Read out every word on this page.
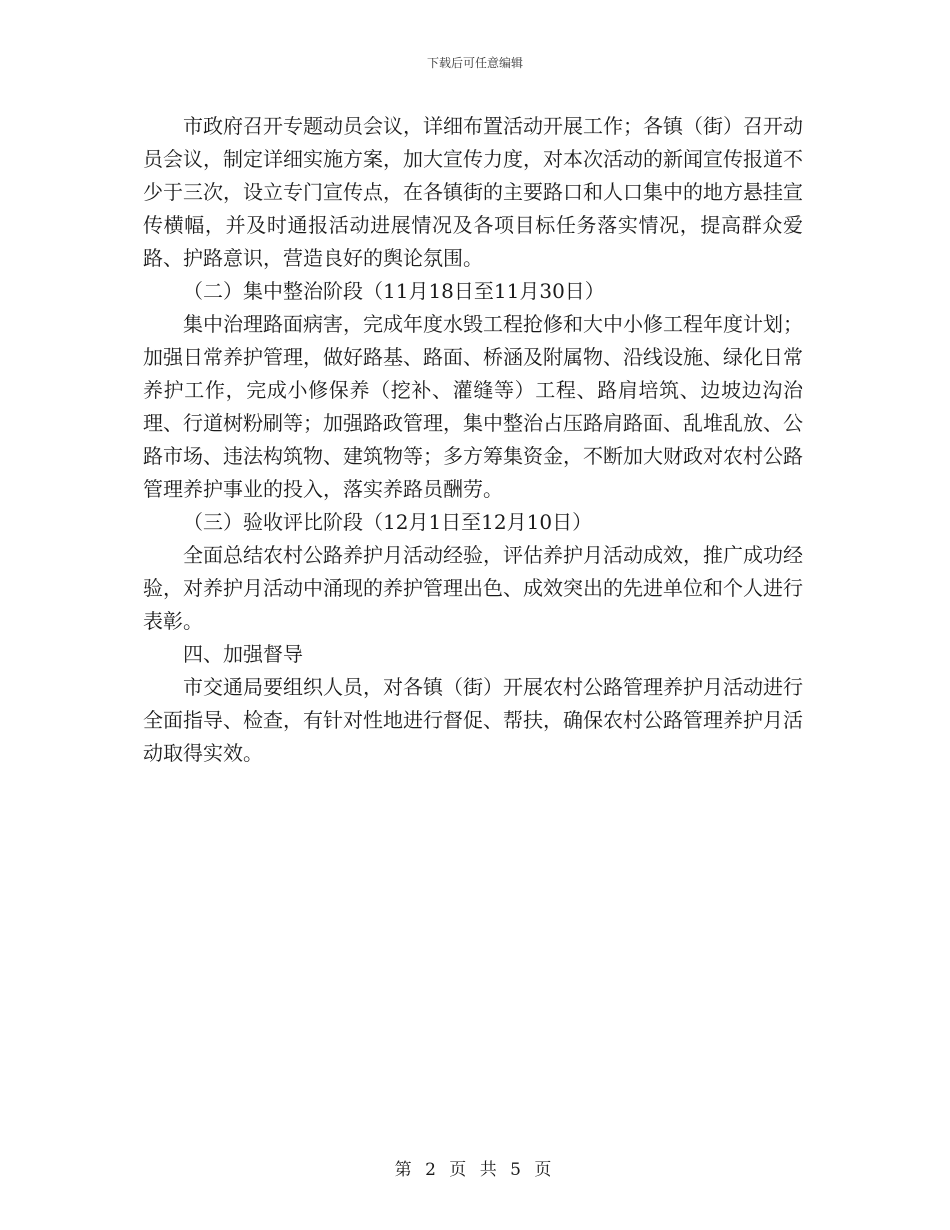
下载后可任意编辑

市政府召开专题动员会议，详细布置活动开展工作；各镇（街）召开动员会议，制定详细实施方案，加大宣传力度，对本次活动的新闻宣传报道不少于三次，设立专门宣传点，在各镇街的主要路口和人口集中的地方悬挂宣传横幅，并及时通报活动进展情况及各项目标任务落实情况，提高群众爱路、护路意识，营造良好的舆论氛围。

（二）集中整治阶段（11月18日至11月30日）

集中治理路面病害，完成年度水毁工程抢修和大中小修工程年度计划；加强日常养护管理，做好路基、路面、桥涵及附属物、沿线设施、绿化日常养护工作，完成小修保养（挖补、灌缝等）工程、路肩培筑、边坡边沟治理、行道树粉刷等；加强路政管理，集中整治占压路肩路面、乱堆乱放、公路市场、违法构筑物、建筑物等；多方筹集资金，不断加大财政对农村公路管理养护事业的投入，落实养路员酬劳。

（三）验收评比阶段（12月1日至12月10日）

全面总结农村公路养护月活动经验，评估养护月活动成效，推广成功经验，对养护月活动中涌现的养护管理出色、成效突出的先进单位和个人进行表彰。

四、加强督导

市交通局要组织人员，对各镇（街）开展农村公路管理养护月活动进行全面指导、检查，有针对性地进行督促、帮扶，确保农村公路管理养护月活动取得实效。

第 2 页 共 5 页
